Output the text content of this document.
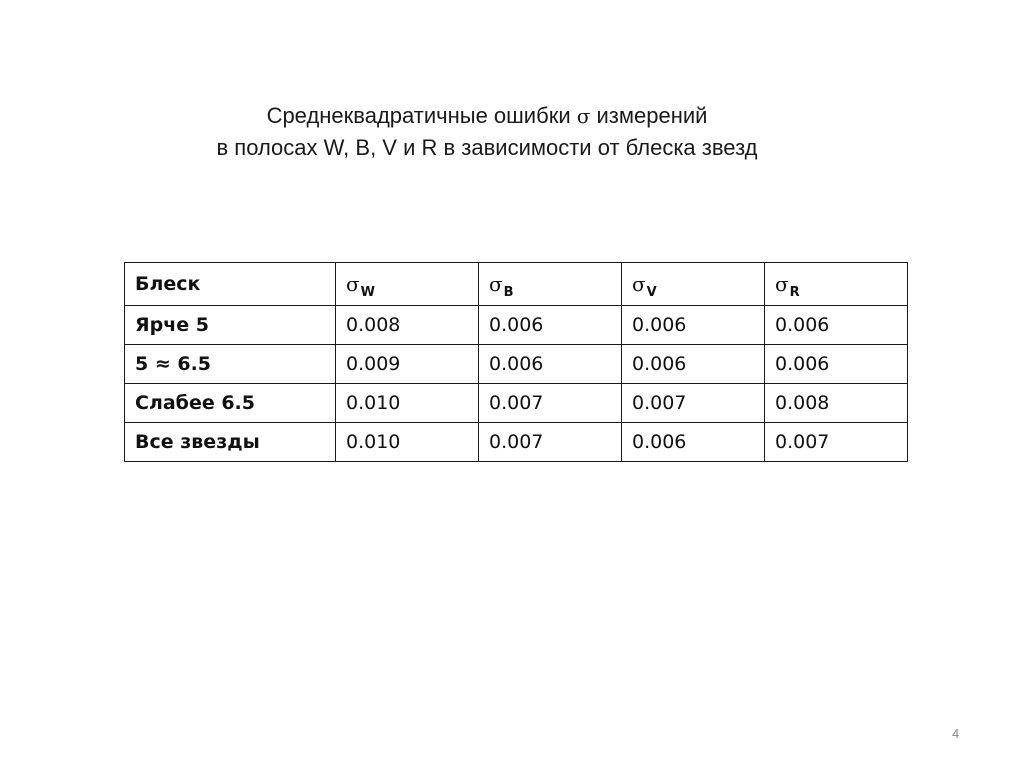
Среднеквадратичные ошибки σ измерений
в полосах W, B, V и R в зависимости от блеска звезд
Блеск	$\sigma_W$	$\sigma_B$	$\sigma_V$	$\sigma_R$
Ярче 5	0.008	0.006	0.006	0.006
5 ≈ 6.5	0.009	0.006	0.006	0.006
Слабее 6.5	0.010	0.007	0.007	0.008
Все звезды	0.010	0.007	0.006	0.007
4
